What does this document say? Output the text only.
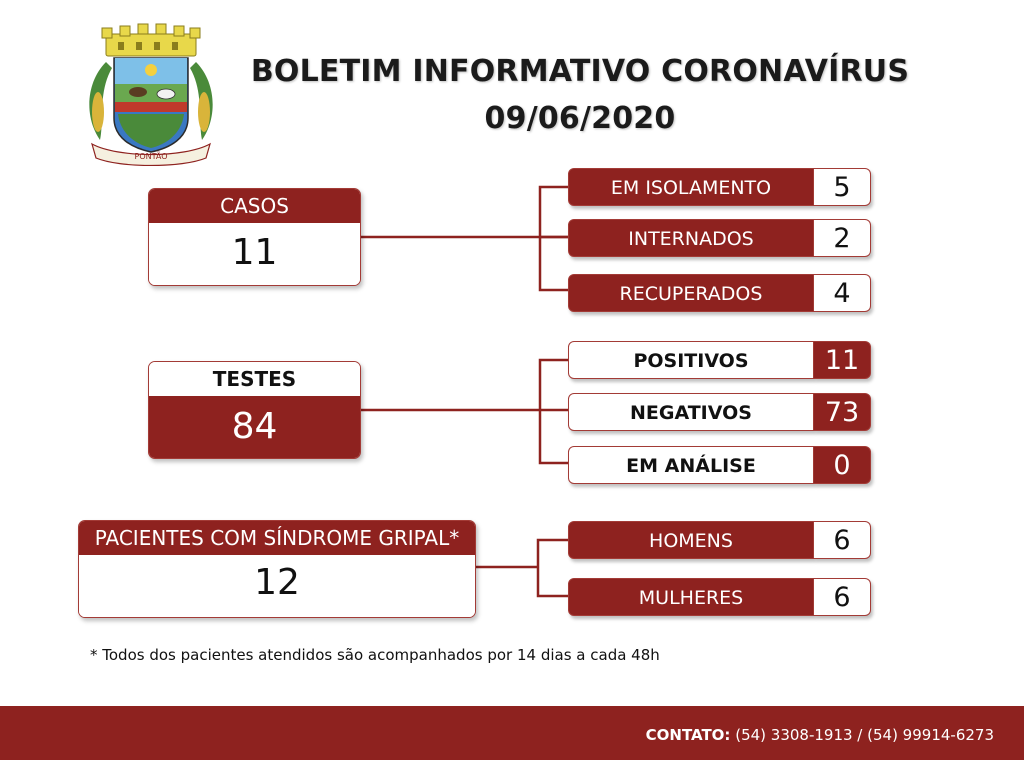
PONTÃO
BOLETIM INFORMATIVO CORONAVÍRUS
09/06/2020
CASOS
11
EM ISOLAMENTO	5
INTERNADOS	2
RECUPERADOS	4
TESTES
84
POSITIVOS	11
NEGATIVOS	73
EM ANÁLISE	0
PACIENTES COM SÍNDROME GRIPAL*
12
HOMENS	6
MULHERES	6
* Todos dos pacientes atendidos são acompanhados por 14 dias a cada 48h
CONTATO: (54) 3308-1913 / (54) 99914-6273
